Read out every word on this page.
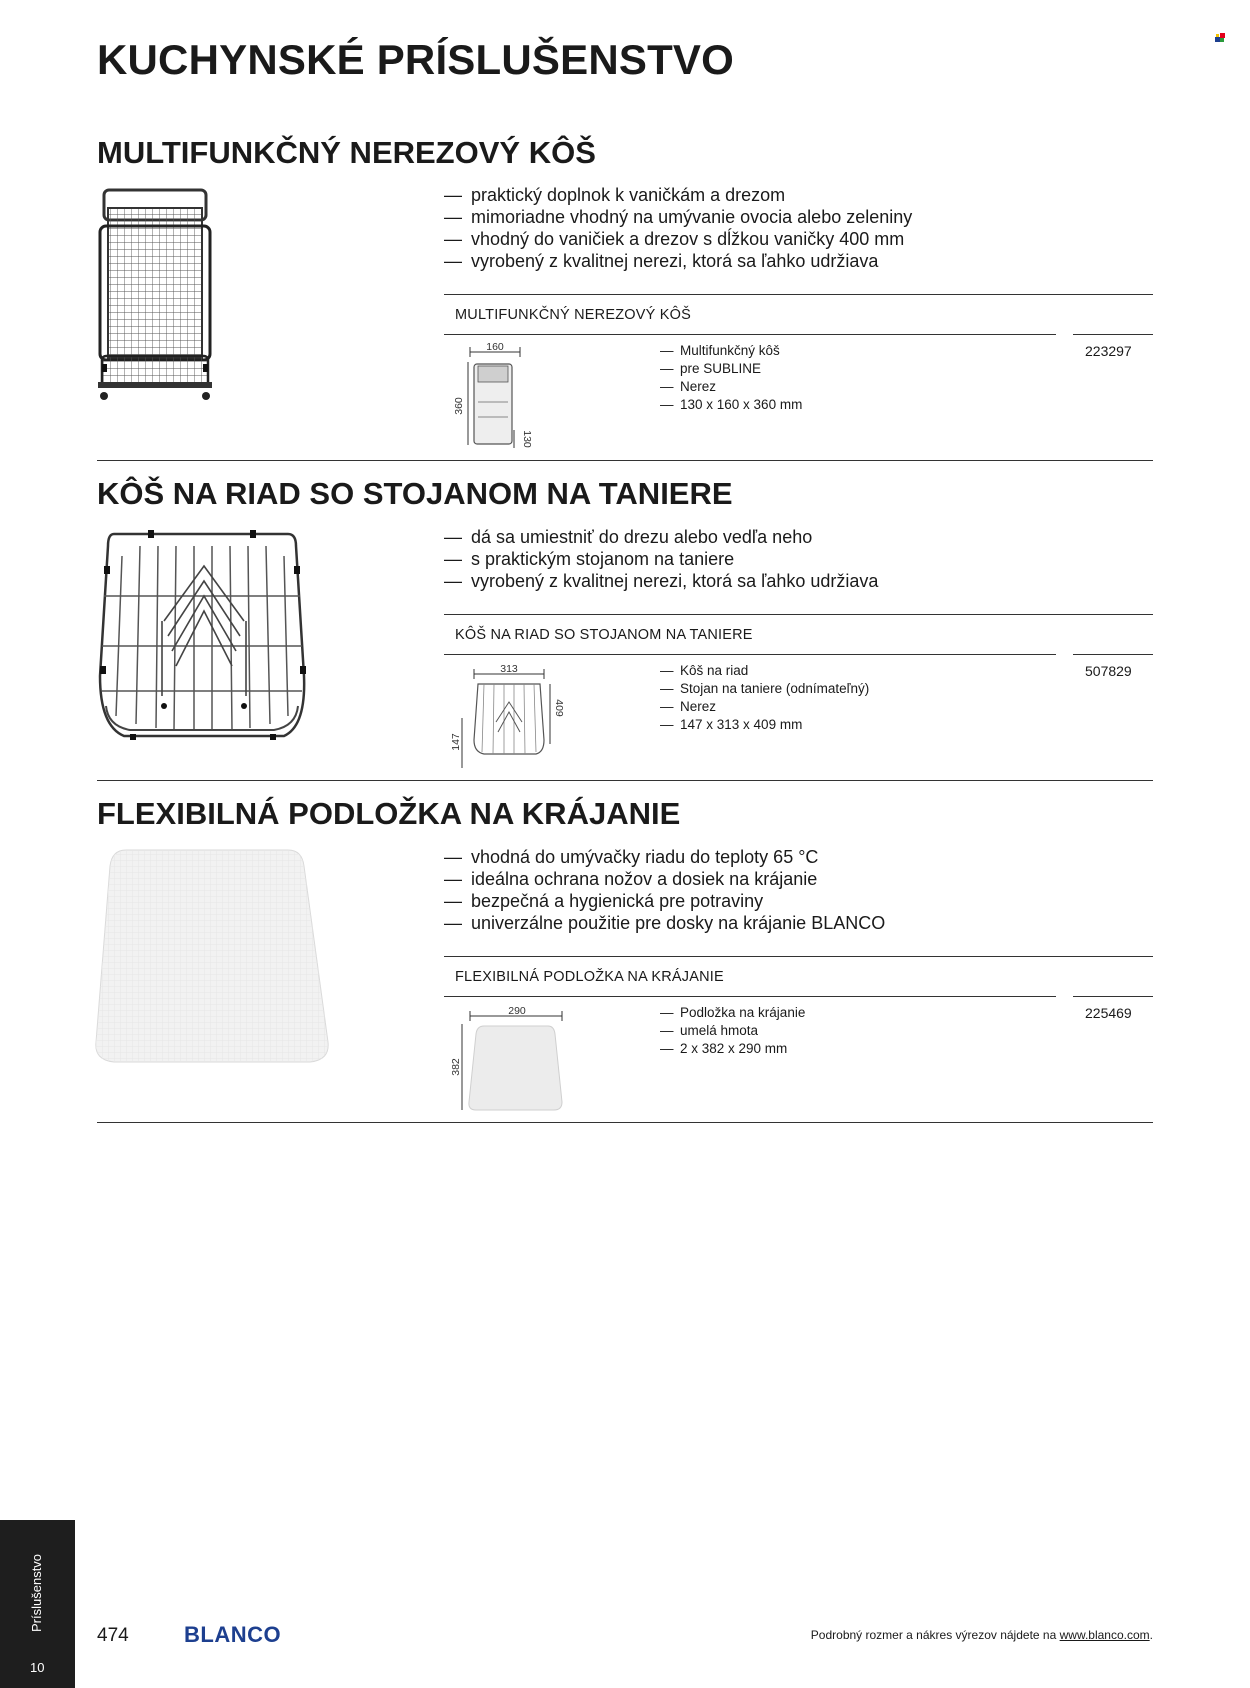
KUCHYNSKÉ PRÍSLUŠENSTVO
MULTIFUNKČNÝ NEREZOVÝ KÔŠ
— praktický doplnok k vaničkám a drezom
— mimoriadne vhodný na umývanie ovocia alebo zeleniny
— vhodný do vaničiek a drezov s dĺžkou vaničky 400 mm
— vyrobený z kvalitnej nerezi, ktorá sa ľahko udržiava
MULTIFUNKČNÝ NEREZOVÝ KÔŠ
160
360
130
— Multifunkčný kôš
— pre SUBLINE
— Nerez
— 130 x 160 x 360 mm
223297
KÔŠ NA RIAD SO STOJANOM NA TANIERE
— dá sa umiestniť do drezu alebo vedľa neho
— s praktickým stojanom na taniere
— vyrobený z kvalitnej nerezi, ktorá sa ľahko udržiava
KÔŠ NA RIAD SO STOJANOM NA TANIERE
313
409
147
— Kôš na riad
— Stojan na taniere (odnímateľný)
— Nerez
— 147 x 313 x 409 mm
507829
FLEXIBILNÁ PODLOŽKA NA KRÁJANIE
— vhodná do umývačky riadu do teploty 65 °C
— ideálna ochrana nožov a dosiek na krájanie
— bezpečná a hygienická pre potraviny
— univerzálne použitie pre dosky na krájanie BLANCO
FLEXIBILNÁ PODLOŽKA NA KRÁJANIE
290
382
— Podložka na krájanie
— umelá hmota
— 2 x 382 x 290 mm
225469
Príslušenstvo
10
474	BLANCO	Podrobný rozmer a nákres výrezov nájdete na www.blanco.com.
